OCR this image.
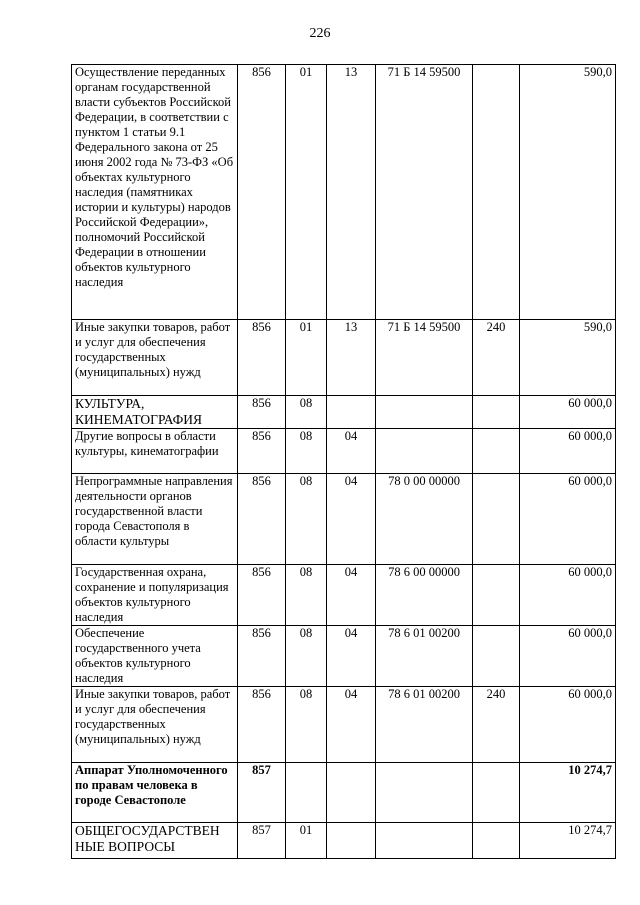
226
Осуществление переданных органам государственной власти субъектов Российской Федерации, в соответствии с пунктом 1 статьи 9.1 Федерального закона от 25 июня 2002 года № 73-ФЗ «Об объектах культурного наследия (памятниках истории и культуры) народов Российской Федерации», полномочий Российской Федерации в отношении объектов культурного наследия	856	01	13	71 Б 14 59500		590,0
Иные закупки товаров, работ и услуг для обеспечения государственных (муниципальных) нужд	856	01	13	71 Б 14 59500	240	590,0
КУЛЬТУРА, КИНЕМАТОГРАФИЯ	856	08				60 000,0
Другие вопросы в области культуры, кинематографии	856	08	04			60 000,0
Непрограммные направления деятельности органов государственной власти города Севастополя в области культуры	856	08	04	78 0 00 00000		60 000,0
Государственная охрана, сохранение и популяризация объектов культурного наследия	856	08	04	78 6 00 00000		60 000,0
Обеспечение государственного учета объектов культурного наследия	856	08	04	78 6 01 00200		60 000,0
Иные закупки товаров, работ и услуг для обеспечения государственных (муниципальных) нужд	856	08	04	78 6 01 00200	240	60 000,0
Аппарат Уполномоченного по правам человека в городе Севастополе	857					10 274,7
ОБЩЕГОСУДАРСТВЕН НЫЕ ВОПРОСЫ	857	01				10 274,7
